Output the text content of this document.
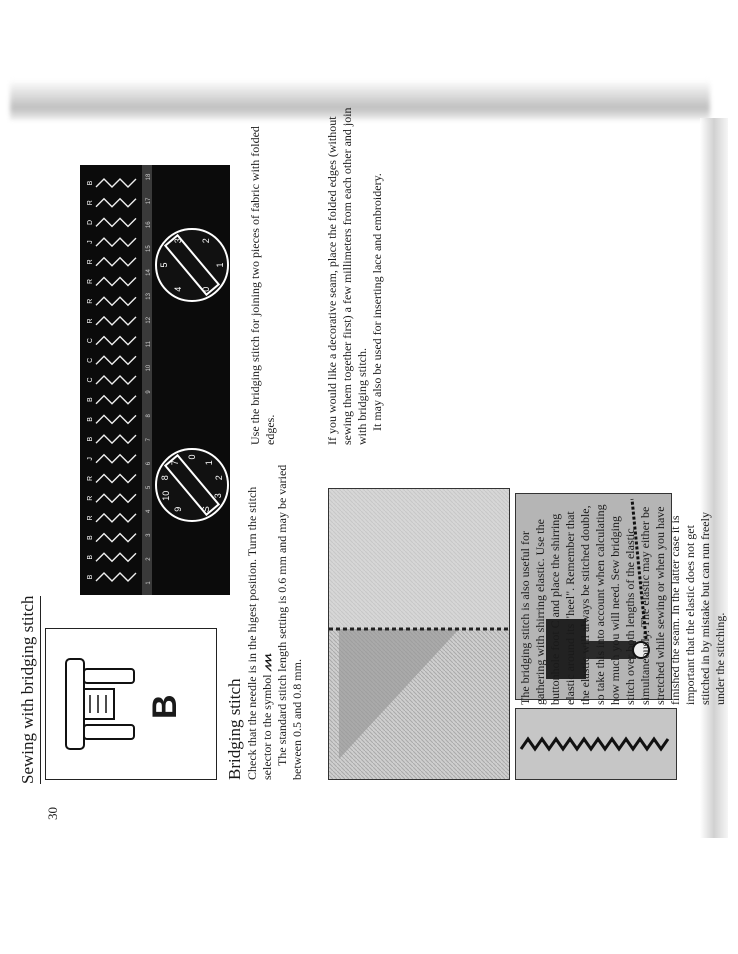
Sewing with bridging stitch
30
B
B
B
B
R
R
R
J
B
B
B
C
C
C
R
R
R
R
J
D
R
B
1
2
3
4
5
6
7
8
9
10
11
12
13
14
15
16
17
18
9
10
8
7
0
1
2
3
S
4
5
3 2
1
0
Bridging stitch Check that the needle is in the higest position. Turn the stitch selector to the symbol ⩘⩘⩘. The standard stitch length setting is 0.6 mm and may be varied between 0.5 and 0.8 mm.
Use the bridging stitch for joining two pieces of fabric with folded edges.	If you would like a decorative seam, place the folded edges (without sewing them together first) a few millimeters from each other and join with bridging stitch. It may also be used for inserting lace and embroidery.
The bridging stitch is also useful for gathering with shirring elastic. Use the buttonhole foot C and place the shirring elastic around its "heel". Remember that the elastic will always be stitched double, so take this into account when calculating how much you will need. Sew bridging stitch over both lengths of the elastic simultaneously. The elastic may either be stretched while sewing or when you have finished the seam. In the latter case it is important that the elastic does not get stitched in by mistake but can run freely under the stitching.
